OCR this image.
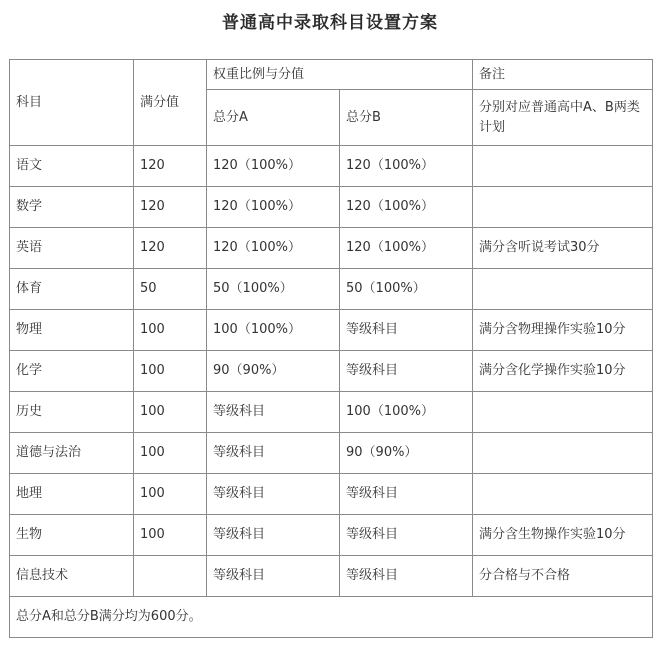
普通高中录取科目设置方案
科目	满分值	权重比例与分值		备注
		总分A	总分B	分别对应普通高中A、B两类计划
语文	120	120（100%）	120（100%）	
数学	120	120（100%）	120（100%）	
英语	120	120（100%）	120（100%）	满分含听说考试30分
体育	50	50（100%）	50（100%）	
物理	100	100（100%）	等级科目	满分含物理操作实验10分
化学	100	90（90%）	等级科目	满分含化学操作实验10分
历史	100	等级科目	100（100%）	
道德与法治	100	等级科目	90（90%）	
地理	100	等级科目	等级科目	
生物	100	等级科目	等级科目	满分含生物操作实验10分
信息技术		等级科目	等级科目	分合格与不合格
总分A和总分B满分均为600分。				
